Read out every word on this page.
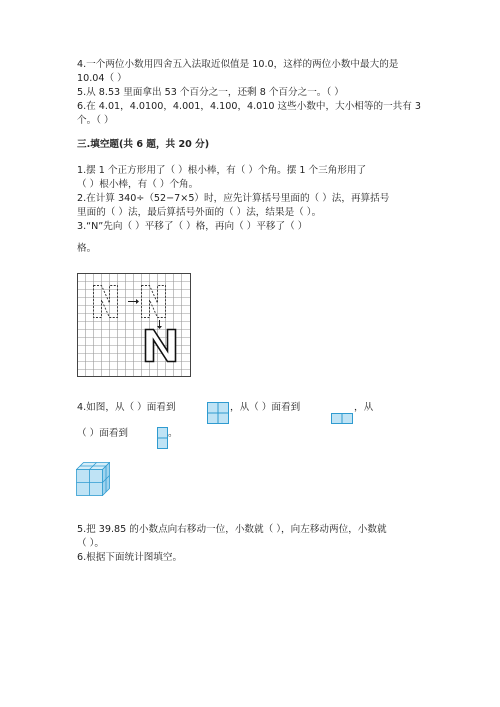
4.一个两位小数用四舍五入法取近似值是 10.0，这样的两位小数中最大的是
10.04（ ）
5.从 8.53 里面拿出 53 个百分之一，还剩 8 个百分之一。（ ）
6.在 4.01，4.0100，4.001，4.100，4.010 这些小数中，大小相等的一共有 3
个。（ ）
三.填空题(共 6 题，共 20 分)
1.摆 1 个正方形用了（ ）根小棒，有（ ）个角。摆 1 个三角形用了
（ ）根小棒，有（ ）个角。
2.在计算 340÷（52−7×5）时，应先计算括号里面的（ ）法，再算括号
里面的（ ）法，最后算括号外面的（ ）法，结果是（ ）。
3.“N”先向（ ）平移了（ ）格，再向（ ）平移了（ ）
格。
4.如图，从（ ）面看到	，从（ ）面看到	，从
（ ）面看到	。
5.把 39.85 的小数点向右移动一位，小数就（ ），向左移动两位，小数就
（ ）。
6.根据下面统计图填空。
